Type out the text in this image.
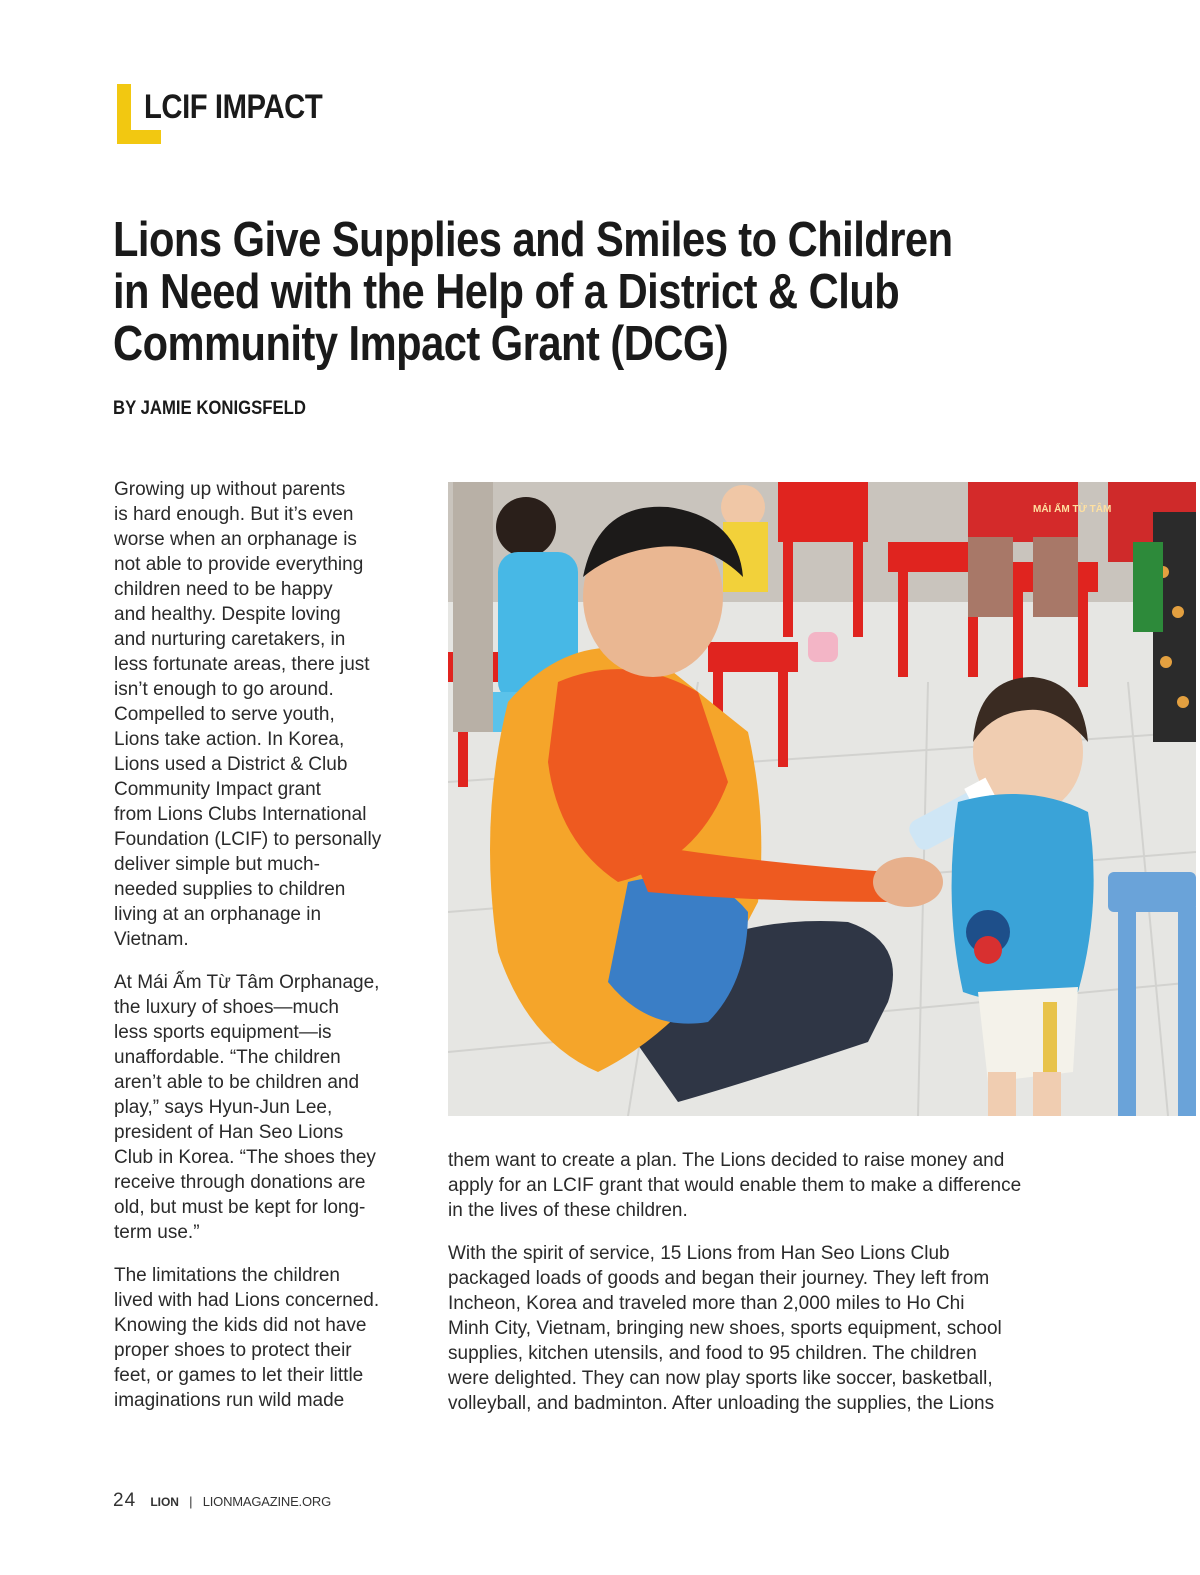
LCIF IMPACT
Lions Give Supplies and Smiles to Children
in Need with the Help of a District & Club
Community Impact Grant (DCG)
BY JAMIE KONIGSFELD

Growing up without parents
is hard enough. But it’s even
worse when an orphanage is
not able to provide everything
children need to be happy
and healthy. Despite loving
and nurturing caretakers, in
less fortunate areas, there just
isn’t enough to go around.
Compelled to serve youth,
Lions take action. In Korea,
Lions used a District & Club
Community Impact grant
from Lions Clubs International
Foundation (LCIF) to personally
deliver simple but much-
needed supplies to children
living at an orphanage in
Vietnam.

At Mái Ấm Từ Tâm Orphanage,
the luxury of shoes—much
less sports equipment—is
unaffordable. “The children
aren’t able to be children and
play,” says Hyun-Jun Lee,
president of Han Seo Lions
Club in Korea. “The shoes they
receive through donations are
old, but must be kept for long-
term use.”

The limitations the children
lived with had Lions concerned.
Knowing the kids did not have
proper shoes to protect their
feet, or games to let their little
imaginations run wild made

MÁI ẤM TỪ TÂM

them want to create a plan. The Lions decided to raise money and
apply for an LCIF grant that would enable them to make a difference
in the lives of these children.

With the spirit of service, 15 Lions from Han Seo Lions Club
packaged loads of goods and began their journey. They left from
Incheon, Korea and traveled more than 2,000 miles to Ho Chi
Minh City, Vietnam, bringing new shoes, sports equipment, school
supplies, kitchen utensils, and food to 95 children. The children
were delighted. They can now play sports like soccer, basketball,
volleyball, and badminton. After unloading the supplies, the Lions

24 LION | LIONMAGAZINE.ORG
